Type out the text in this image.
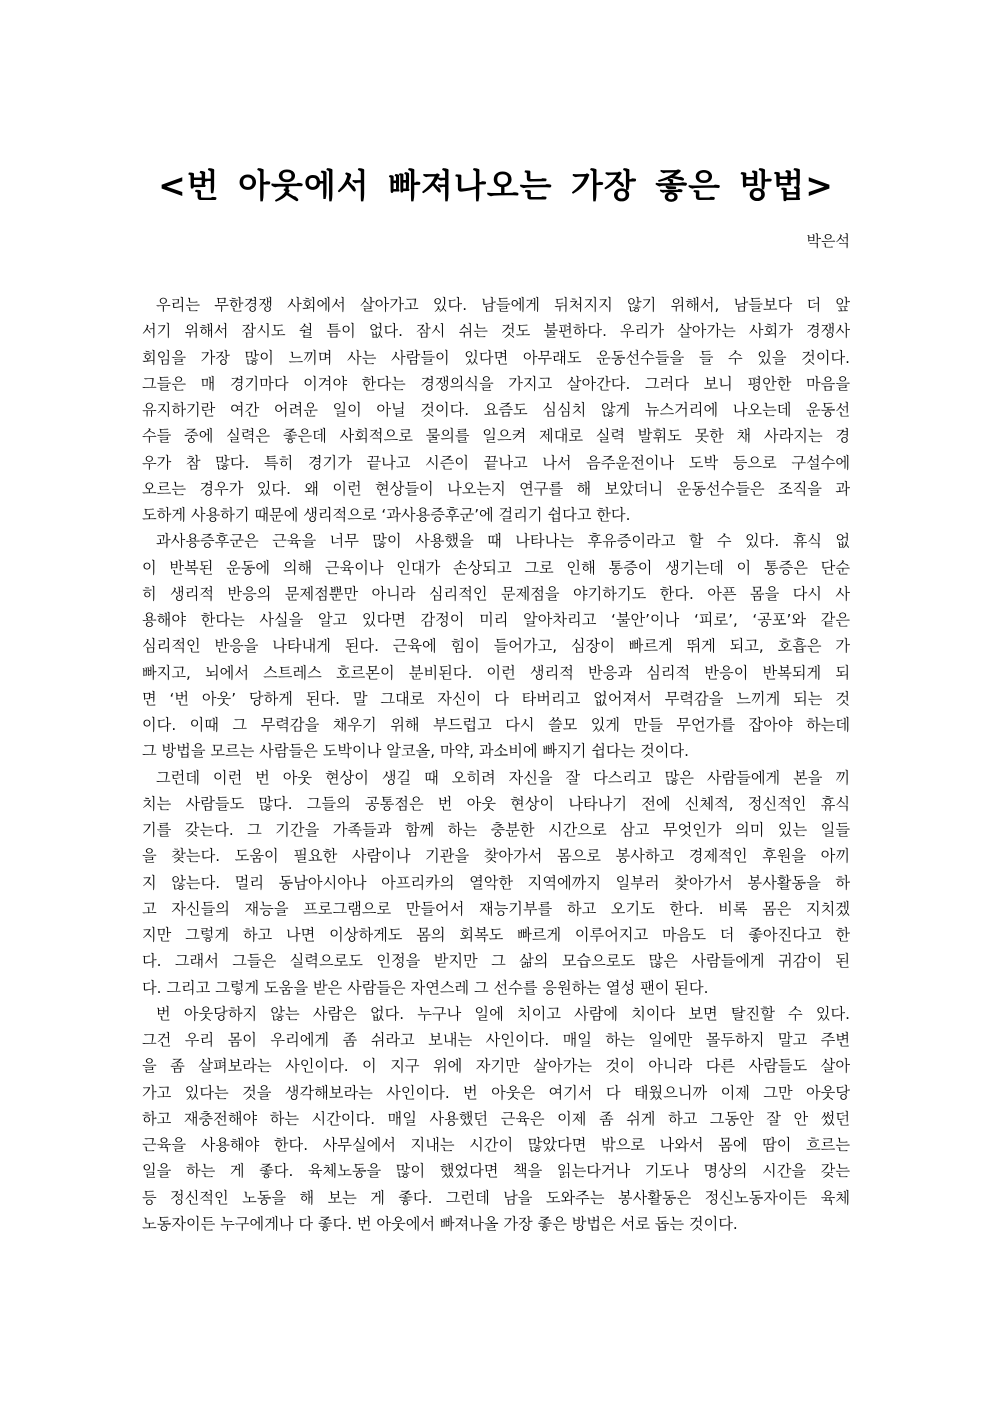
<번 아웃에서 빠져나오는 가장 좋은 방법>
박은석
우리는 무한경쟁 사회에서 살아가고 있다. 남들에게 뒤처지지 않기 위해서, 남들보다 더 앞
서기 위해서 잠시도 쉴 틈이 없다. 잠시 쉬는 것도 불편하다. 우리가 살아가는 사회가 경쟁사
회임을 가장 많이 느끼며 사는 사람들이 있다면 아무래도 운동선수들을 들 수 있을 것이다.
그들은 매 경기마다 이겨야 한다는 경쟁의식을 가지고 살아간다. 그러다 보니 평안한 마음을
유지하기란 여간 어려운 일이 아닐 것이다. 요즘도 심심치 않게 뉴스거리에 나오는데 운동선
수들 중에 실력은 좋은데 사회적으로 물의를 일으켜 제대로 실력 발휘도 못한 채 사라지는 경
우가 참 많다. 특히 경기가 끝나고 시즌이 끝나고 나서 음주운전이나 도박 등으로 구설수에
오르는 경우가 있다. 왜 이런 현상들이 나오는지 연구를 해 보았더니 운동선수들은 조직을 과
도하게 사용하기 때문에 생리적으로 ‘과사용증후군’에 걸리기 쉽다고 한다.
과사용증후군은 근육을 너무 많이 사용했을 때 나타나는 후유증이라고 할 수 있다. 휴식 없
이 반복된 운동에 의해 근육이나 인대가 손상되고 그로 인해 통증이 생기는데 이 통증은 단순
히 생리적 반응의 문제점뿐만 아니라 심리적인 문제점을 야기하기도 한다. 아픈 몸을 다시 사
용해야 한다는 사실을 알고 있다면 감정이 미리 알아차리고 ‘불안’이나 ‘피로’, ‘공포’와 같은
심리적인 반응을 나타내게 된다. 근육에 힘이 들어가고, 심장이 빠르게 뛰게 되고, 호흡은 가
빠지고, 뇌에서 스트레스 호르몬이 분비된다. 이런 생리적 반응과 심리적 반응이 반복되게 되
면 ‘번 아웃’ 당하게 된다. 말 그대로 자신이 다 타버리고 없어져서 무력감을 느끼게 되는 것
이다. 이때 그 무력감을 채우기 위해 부드럽고 다시 쓸모 있게 만들 무언가를 잡아야 하는데
그 방법을 모르는 사람들은 도박이나 알코올, 마약, 과소비에 빠지기 쉽다는 것이다.
그런데 이런 번 아웃 현상이 생길 때 오히려 자신을 잘 다스리고 많은 사람들에게 본을 끼
치는 사람들도 많다. 그들의 공통점은 번 아웃 현상이 나타나기 전에 신체적, 정신적인 휴식
기를 갖는다. 그 기간을 가족들과 함께 하는 충분한 시간으로 삼고 무엇인가 의미 있는 일들
을 찾는다. 도움이 필요한 사람이나 기관을 찾아가서 몸으로 봉사하고 경제적인 후원을 아끼
지 않는다. 멀리 동남아시아나 아프리카의 열악한 지역에까지 일부러 찾아가서 봉사활동을 하
고 자신들의 재능을 프로그램으로 만들어서 재능기부를 하고 오기도 한다. 비록 몸은 지치겠
지만 그렇게 하고 나면 이상하게도 몸의 회복도 빠르게 이루어지고 마음도 더 좋아진다고 한
다. 그래서 그들은 실력으로도 인정을 받지만 그 삶의 모습으로도 많은 사람들에게 귀감이 된
다. 그리고 그렇게 도움을 받은 사람들은 자연스레 그 선수를 응원하는 열성 팬이 된다.
번 아웃당하지 않는 사람은 없다. 누구나 일에 치이고 사람에 치이다 보면 탈진할 수 있다.
그건 우리 몸이 우리에게 좀 쉬라고 보내는 사인이다. 매일 하는 일에만 몰두하지 말고 주변
을 좀 살펴보라는 사인이다. 이 지구 위에 자기만 살아가는 것이 아니라 다른 사람들도 살아
가고 있다는 것을 생각해보라는 사인이다. 번 아웃은 여기서 다 태웠으니까 이제 그만 아웃당
하고 재충전해야 하는 시간이다. 매일 사용했던 근육은 이제 좀 쉬게 하고 그동안 잘 안 썼던
근육을 사용해야 한다. 사무실에서 지내는 시간이 많았다면 밖으로 나와서 몸에 땀이 흐르는
일을 하는 게 좋다. 육체노동을 많이 했었다면 책을 읽는다거나 기도나 명상의 시간을 갖는
등 정신적인 노동을 해 보는 게 좋다. 그런데 남을 도와주는 봉사활동은 정신노동자이든 육체
노동자이든 누구에게나 다 좋다. 번 아웃에서 빠져나올 가장 좋은 방법은 서로 돕는 것이다.
